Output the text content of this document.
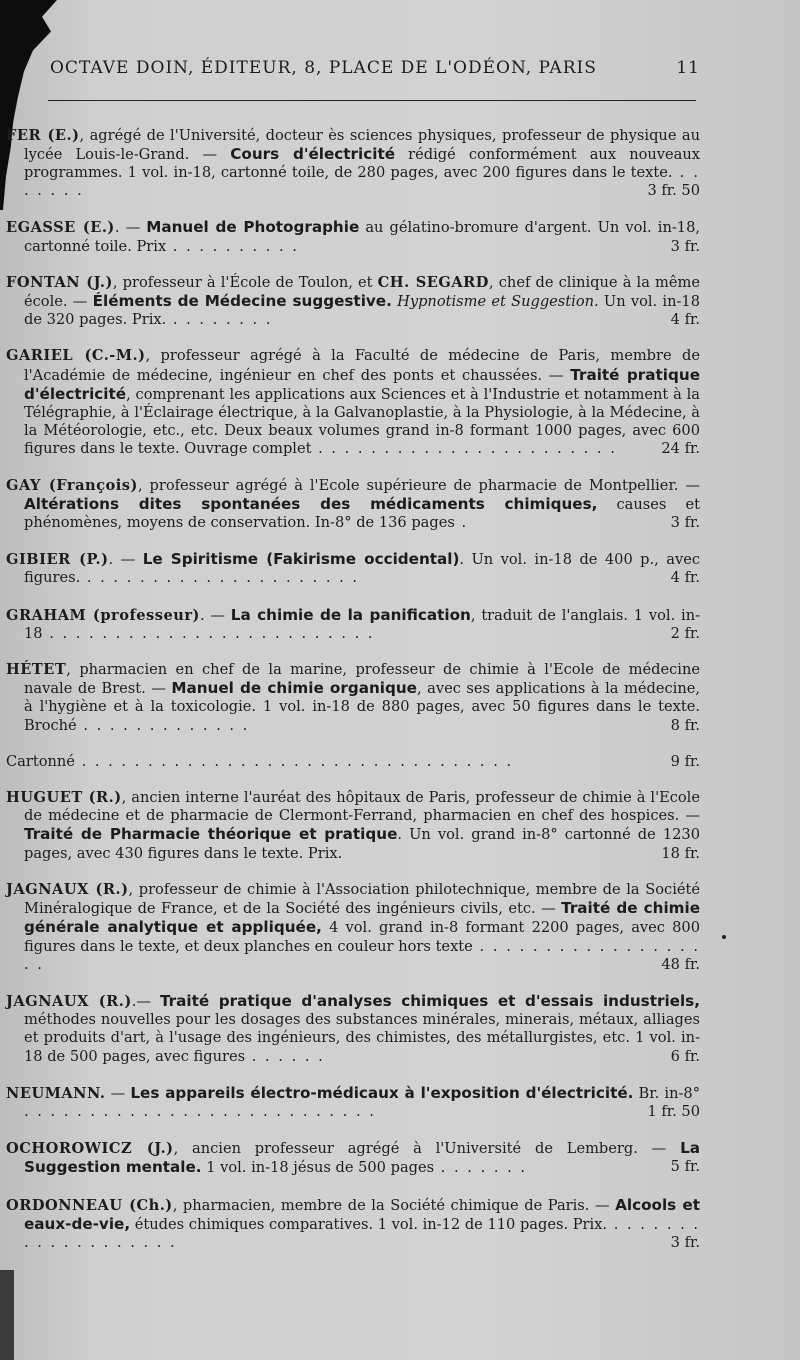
OCTAVE DOIN, ÉDITEUR, 8, PLACE DE L'ODÉON, PARIS	11

FER (E.), agrégé de l'Université, docteur ès sciences physiques, professeur de physique au lycée Louis-le-Grand. — Cours d'électricité rédigé conformément aux nouveaux programmes. 1 vol. in-18, cartonné toile, de 280 pages, avec 200 figures dans le texte. . . . . . . .	3 fr. 50

EGASSE (E.). — Manuel de Photographie au gélatino-bromure d'argent. Un vol. in-18, cartonné toile. Prix . . . . . . . . . .	3 fr.

FONTAN (J.), professeur à l'École de Toulon, et CH. SEGARD, chef de clinique à la même école. — Éléments de Médecine suggestive. Hypnotisme et Suggestion. Un vol. in-18 de 320 pages. Prix. . . . . . . . .	4 fr.

GARIEL (C.-M.), professeur agrégé à la Faculté de médecine de Paris, membre de l'Académie de médecine, ingénieur en chef des ponts et chaussées. — Traité pratique d'électricité, comprenant les applications aux Sciences et à l'Industrie et notamment à la Télégraphie, à l'Éclairage électrique, à la Galvanoplastie, à la Physiologie, à la Médecine, à la Météorologie, etc., etc. Deux beaux volumes grand in-8 formant 1000 pages, avec 600 figures dans le texte. Ouvrage complet . . . . . . . . . . . . . . . . . . . . . . .	24 fr.

GAY (François), professeur agrégé à l'Ecole supérieure de pharmacie de Montpellier. — Altérations dites spontanées des médicaments chimiques, causes et phénomènes, moyens de conservation. In-8° de 136 pages .	3 fr.

GIBIER (P.). — Le Spiritisme (Fakirisme occidental). Un vol. in-18 de 400 p., avec figures. . . . . . . . . . . . . . . . . . . . . .	4 fr.

GRAHAM (professeur). — La chimie de la panification, traduit de l'anglais. 1 vol. in-18 . . . . . . . . . . . . . . . . . . . . . . . . .	2 fr.

HÉTET, pharmacien en chef de la marine, professeur de chimie à l'Ecole de médecine navale de Brest. — Manuel de chimie organique, avec ses applications à la médecine, à l'hygiène et à la toxicologie. 1 vol. in-18 de 880 pages, avec 50 figures dans le texte. Broché . . . . . . . . . . . . .	8 fr.

Cartonné . . . . . . . . . . . . . . . . . . . . . . . . . . . . . . . . .	9 fr.

HUGUET (R.), ancien interne l'auréat des hôpitaux de Paris, professeur de chimie à l'Ecole de médecine et de pharmacie de Clermont-Ferrand, pharmacien en chef des hospices. — Traité de Pharmacie théorique et pratique. Un vol. grand in-8° cartonné de 1230 pages, avec 430 figures dans le texte. Prix.	18 fr.

JAGNAUX (R.), professeur de chimie à l'Association philotechnique, membre de la Société Minéralogique de France, et de la Société des ingénieurs civils, etc. — Traité de chimie générale analytique et appliquée, 4 vol. grand in-8 formant 2200 pages, avec 800 figures dans le texte, et deux planches en couleur hors texte . . . . . . . . . . . . . . . . . . .	48 fr.

JAGNAUX (R.).— Traité pratique d'analyses chimiques et d'essais industriels, méthodes nouvelles pour les dosages des substances minérales, minerais, métaux, alliages et produits d'art, à l'usage des ingénieurs, des chimistes, des métallurgistes, etc. 1 vol. in-18 de 500 pages, avec figures . . . . . .	6 fr.

NEUMANN. — Les appareils électro-médicaux à l'exposition d'électricité. Br. in-8° . . . . . . . . . . . . . . . . . . . . . . . . . . .	1 fr. 50

OCHOROWICZ (J.), ancien professeur agrégé à l'Université de Lemberg. — La Suggestion mentale. 1 vol. in-18 jésus de 500 pages . . . . . . .	5 fr.

ORDONNEAU (Ch.), pharmacien, membre de la Société chimique de Paris. — Alcools et eaux-de-vie, études chimiques comparatives. 1 vol. in-12 de 110 pages. Prix. . . . . . . . . . . . . . . . . . . .	3 fr.
